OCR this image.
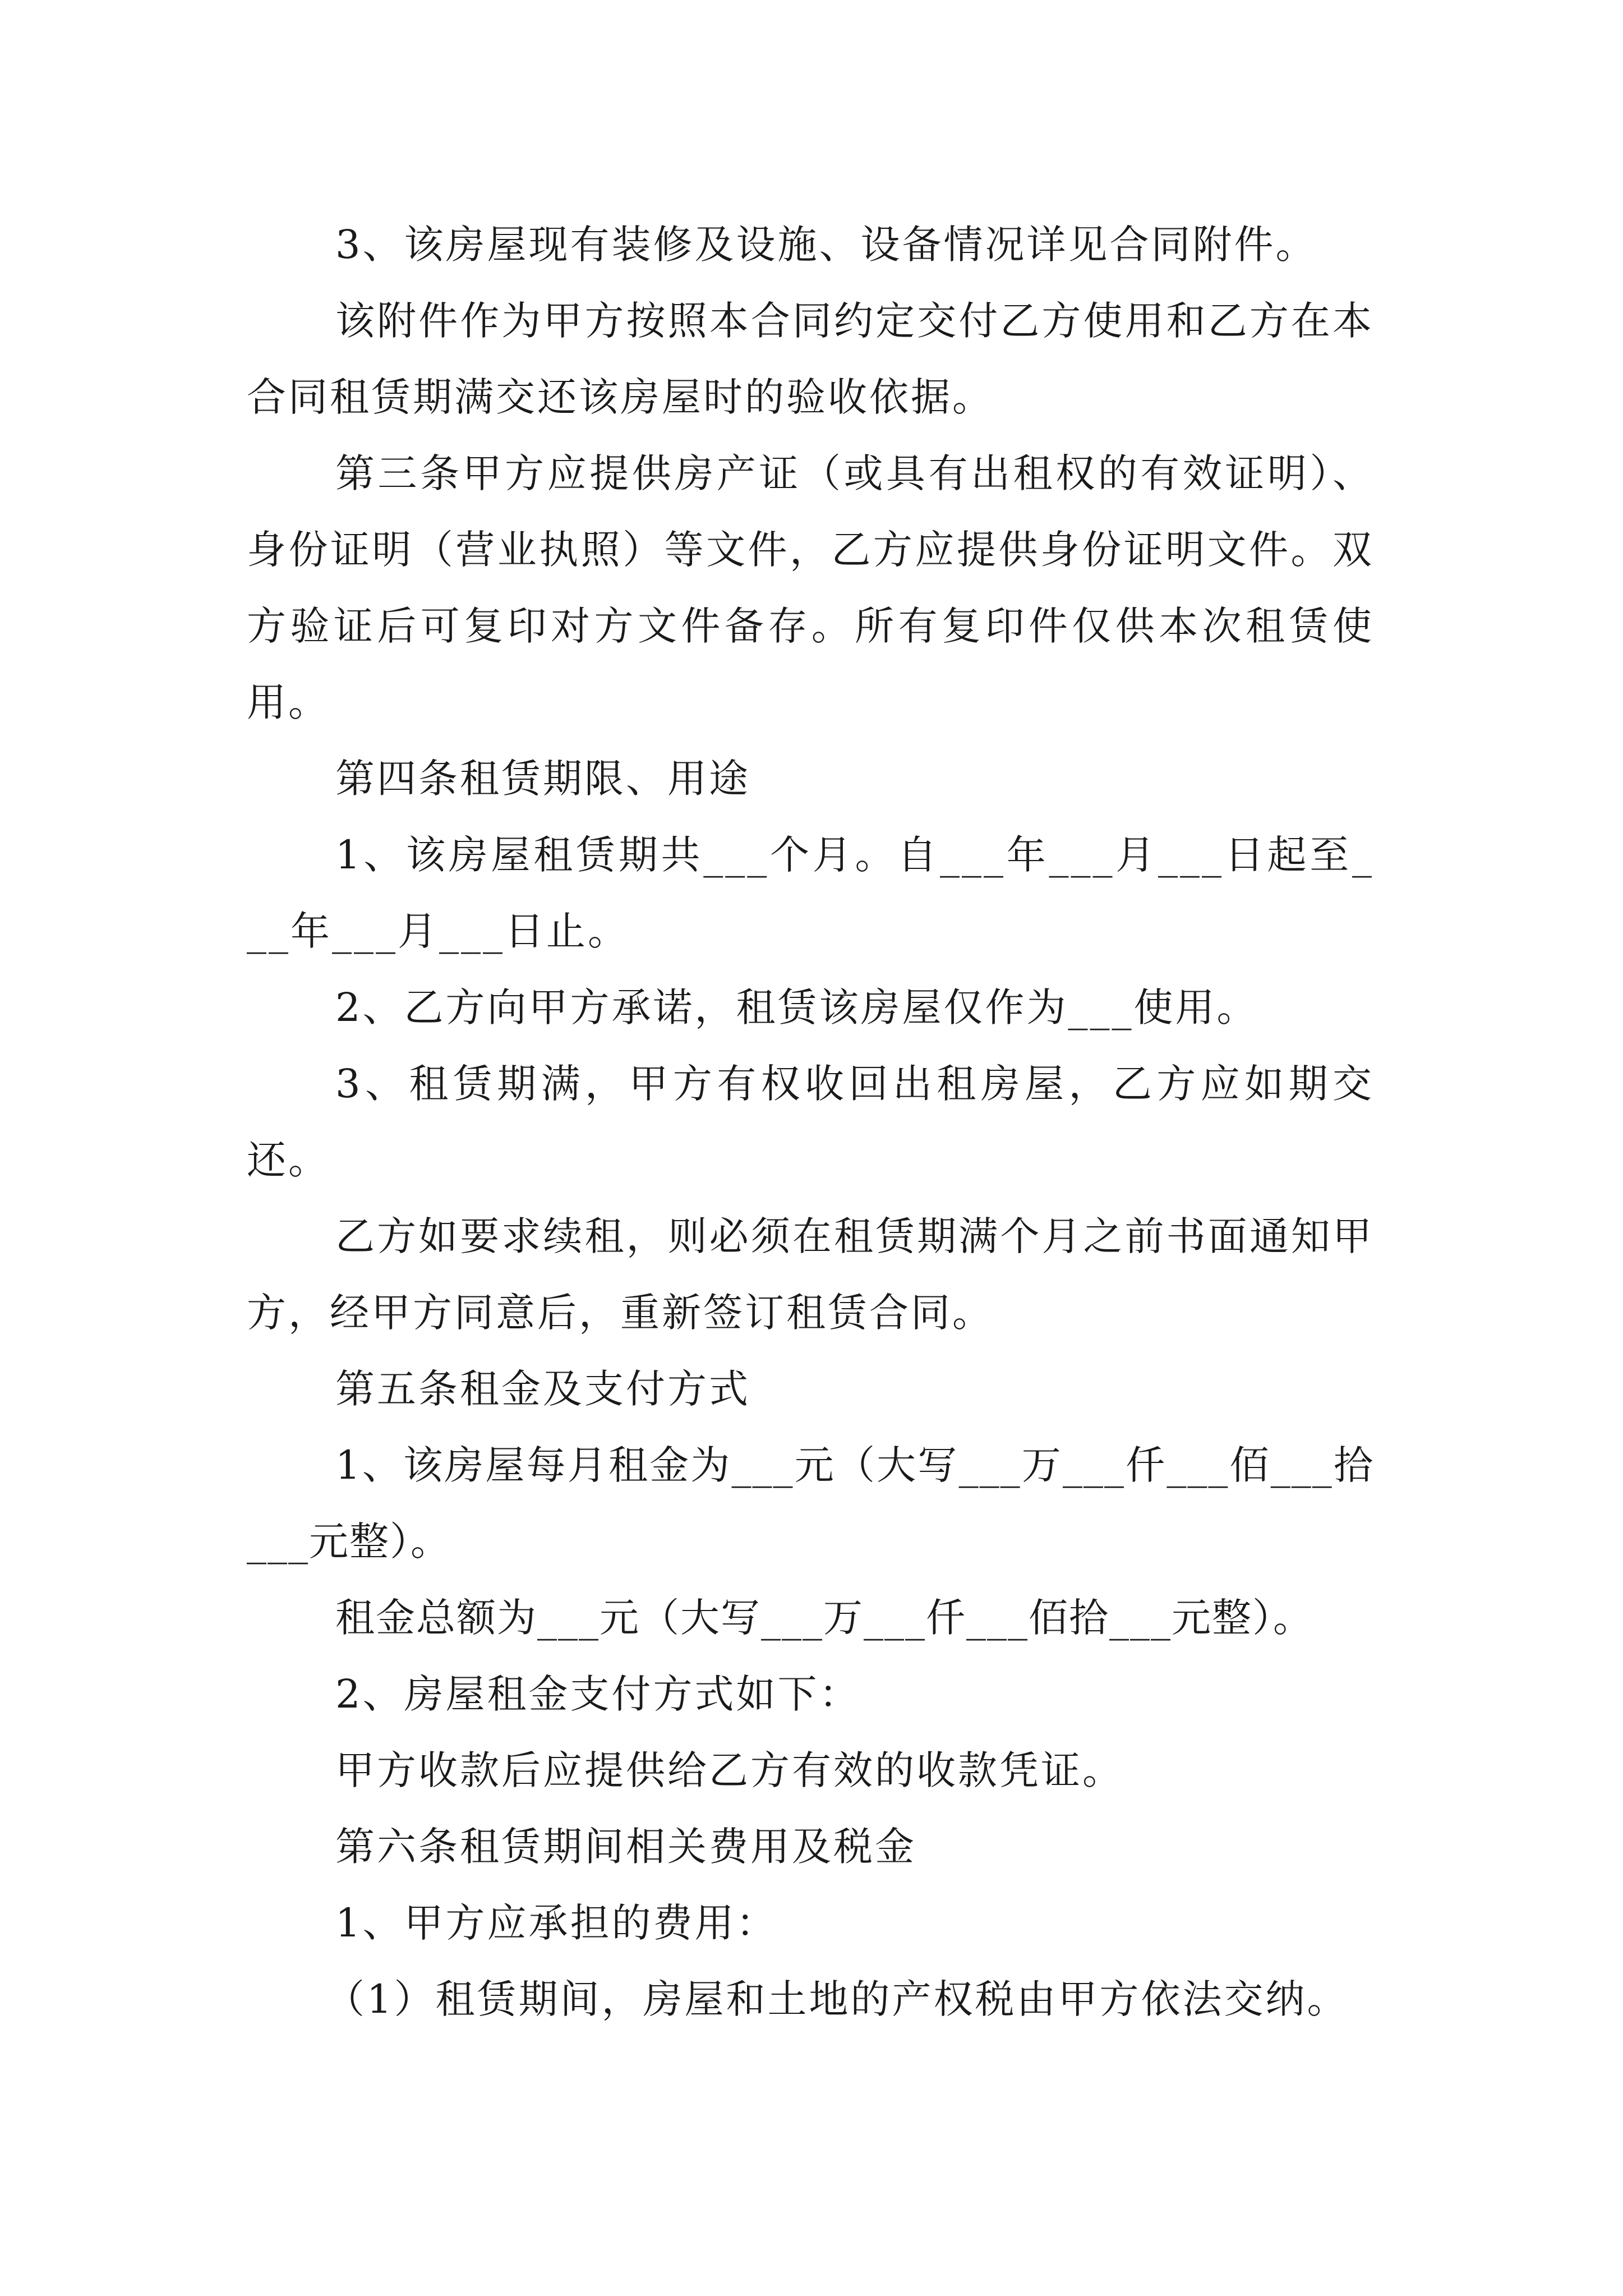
3、该房屋现有装修及设施、设备情况详见合同附件。

该附件作为甲方按照本合同约定交付乙方使用和乙方在本合同租赁期满交还该房屋时的验收依据。

第三条甲方应提供房产证（或具有出租权的有效证明）、身份证明（营业执照）等文件，乙方应提供身份证明文件。双方验证后可复印对方文件备存。所有复印件仅供本次租赁使用。

第四条租赁期限、用途

1、该房屋租赁期共___个月。自___年___月___日起至___年___月___日止。

2、乙方向甲方承诺，租赁该房屋仅作为___使用。

3、租赁期满，甲方有权收回出租房屋，乙方应如期交还。

乙方如要求续租，则必须在租赁期满个月之前书面通知甲方，经甲方同意后，重新签订租赁合同。

第五条租金及支付方式

1、该房屋每月租金为___元（大写___万___仟___佰___拾___元整）。

租金总额为___元（大写___万___仟___佰拾___元整）。

2、房屋租金支付方式如下：

甲方收款后应提供给乙方有效的收款凭证。

第六条租赁期间相关费用及税金

1、甲方应承担的费用：

（1）租赁期间，房屋和土地的产权税由甲方依法交纳。
